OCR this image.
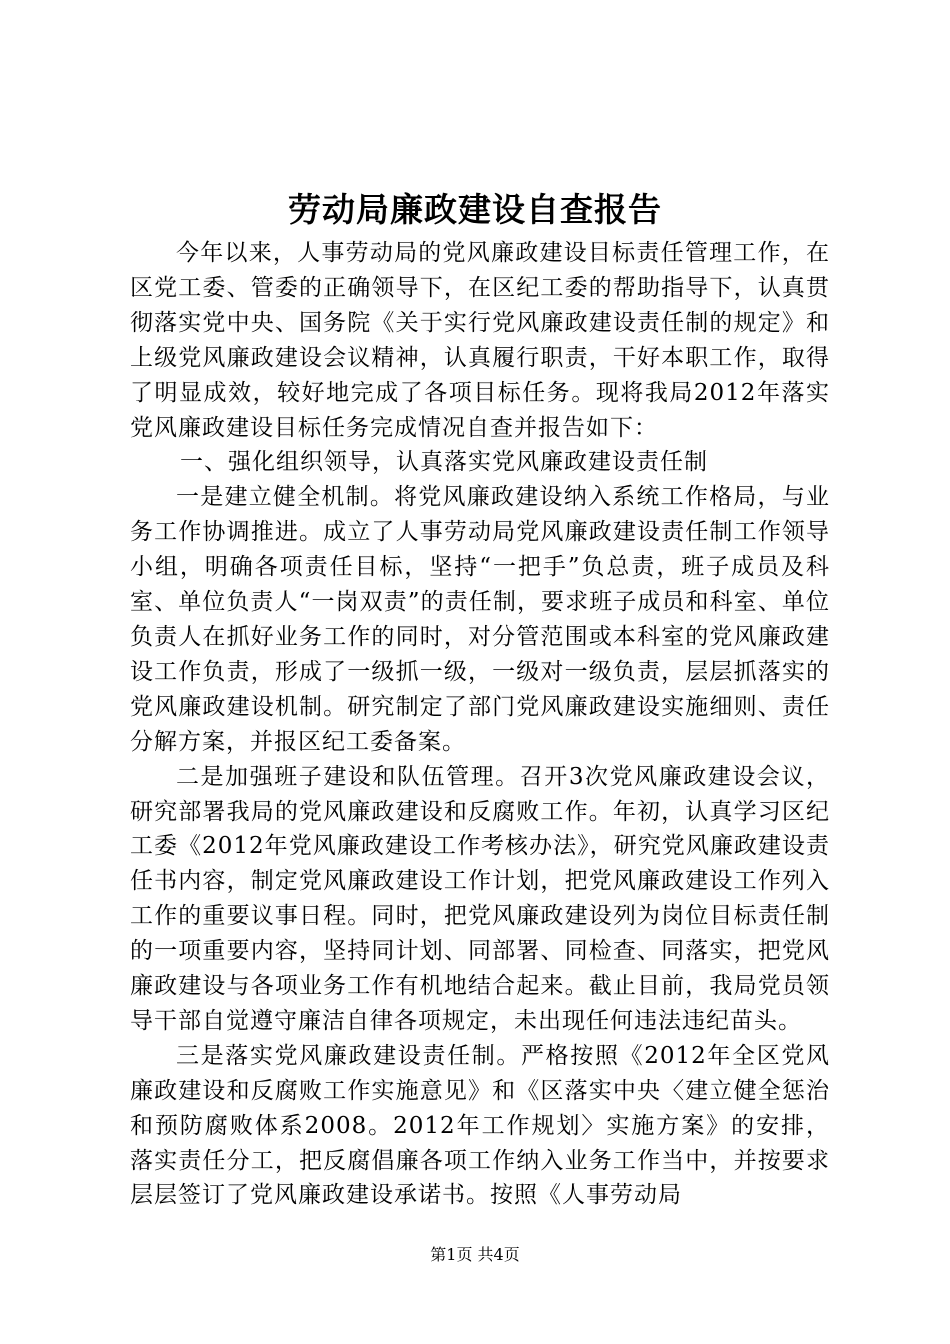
劳动局廉政建设自查报告

今年以来，人事劳动局的党风廉政建设目标责任管理工作，在区党工委、管委的正确领导下，在区纪工委的帮助指导下，认真贯彻落实党中央、国务院《关于实行党风廉政建设责任制的规定》和上级党风廉政建设会议精神，认真履行职责，干好本职工作，取得了明显成效，较好地完成了各项目标任务。现将我局2012年落实党风廉政建设目标任务完成情况自查并报告如下：

一、强化组织领导，认真落实党风廉政建设责任制

一是建立健全机制。将党风廉政建设纳入系统工作格局，与业务工作协调推进。成立了人事劳动局党风廉政建设责任制工作领导小组，明确各项责任目标，坚持“一把手”负总责，班子成员及科室、单位负责人“一岗双责”的责任制，要求班子成员和科室、单位负责人在抓好业务工作的同时，对分管范围或本科室的党风廉政建设工作负责，形成了一级抓一级，一级对一级负责，层层抓落实的党风廉政建设机制。研究制定了部门党风廉政建设实施细则、责任分解方案，并报区纪工委备案。

二是加强班子建设和队伍管理。召开3次党风廉政建设会议，研究部署我局的党风廉政建设和反腐败工作。年初，认真学习区纪工委《2012年党风廉政建设工作考核办法》，研究党风廉政建设责任书内容，制定党风廉政建设工作计划，把党风廉政建设工作列入工作的重要议事日程。同时，把党风廉政建设列为岗位目标责任制的一项重要内容，坚持同计划、同部署、同检查、同落实，把党风廉政建设与各项业务工作有机地结合起来。截止目前，我局党员领导干部自觉遵守廉洁自律各项规定，未出现任何违法违纪苗头。

三是落实党风廉政建设责任制。严格按照《2012年全区党风廉政建设和反腐败工作实施意见》和《区落实中央〈建立健全惩治和预防腐败体系2008。2012年工作规划〉实施方案》的安排，落实责任分工，把反腐倡廉各项工作纳入业务工作当中，并按要求层层签订了党风廉政建设承诺书。按照《人事劳动局

第1页 共4页
